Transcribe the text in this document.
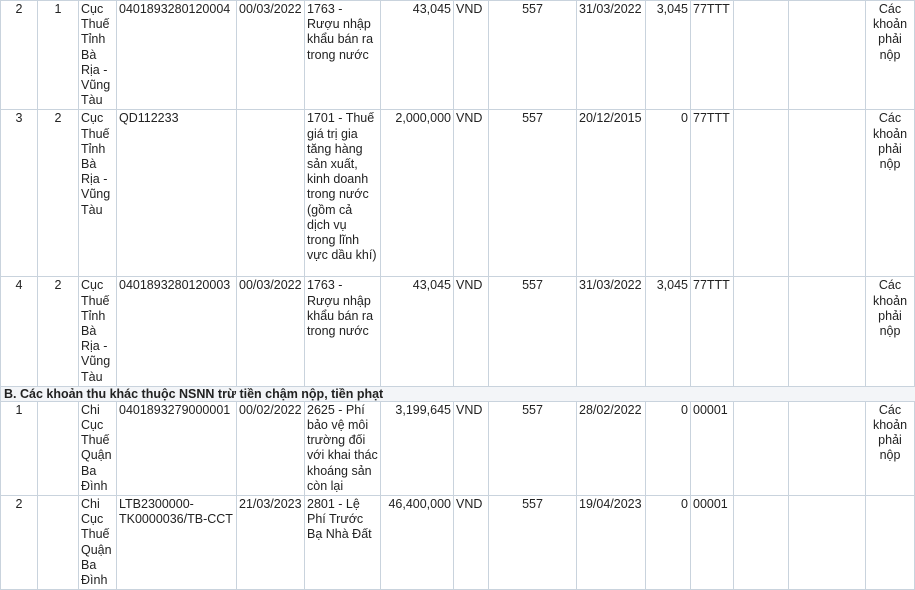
2	1	Cục Thuế Tỉnh Bà Rịa - Vũng Tàu	0401893280120004	00/03/2022	1763 - Rượu nhập khẩu bán ra trong nước	43,045	VND	557	31/03/2022	3,045	77TTT			Các khoản phải nộp	
3	2	Cục Thuế Tỉnh Bà Rịa - Vũng Tàu	QD112233		1701 - Thuế giá trị gia tăng hàng sản xuất, kinh doanh trong nước (gồm cả dịch vụ trong lĩnh vực dầu khí)	2,000,000	VND	557	20/12/2015	0	77TTT			Các khoản phải nộp	
4	2	Cục Thuế Tỉnh Bà Rịa - Vũng Tàu	0401893280120003	00/03/2022	1763 - Rượu nhập khẩu bán ra trong nước	43,045	VND	557	31/03/2022	3,045	77TTT			Các khoản phải nộp	
B. Các khoản thu khác thuộc NSNN trừ tiền chậm nộp, tiền phạt															
1		Chi Cục Thuế Quận Ba Đình	0401893279000001	00/02/2022	2625 - Phí bảo vệ môi trường đối với khai thác khoáng sản còn lại	3,199,645	VND	557	28/02/2022	0	00001			Các khoản phải nộp	
2		Chi Cục Thuế Quận Ba Đình	LTB2300000-TK0000036/TB-CCT	21/03/2023	2801 - Lệ Phí Trước Bạ Nhà Đất	46,400,000	VND	557	19/04/2023	0	00001				
